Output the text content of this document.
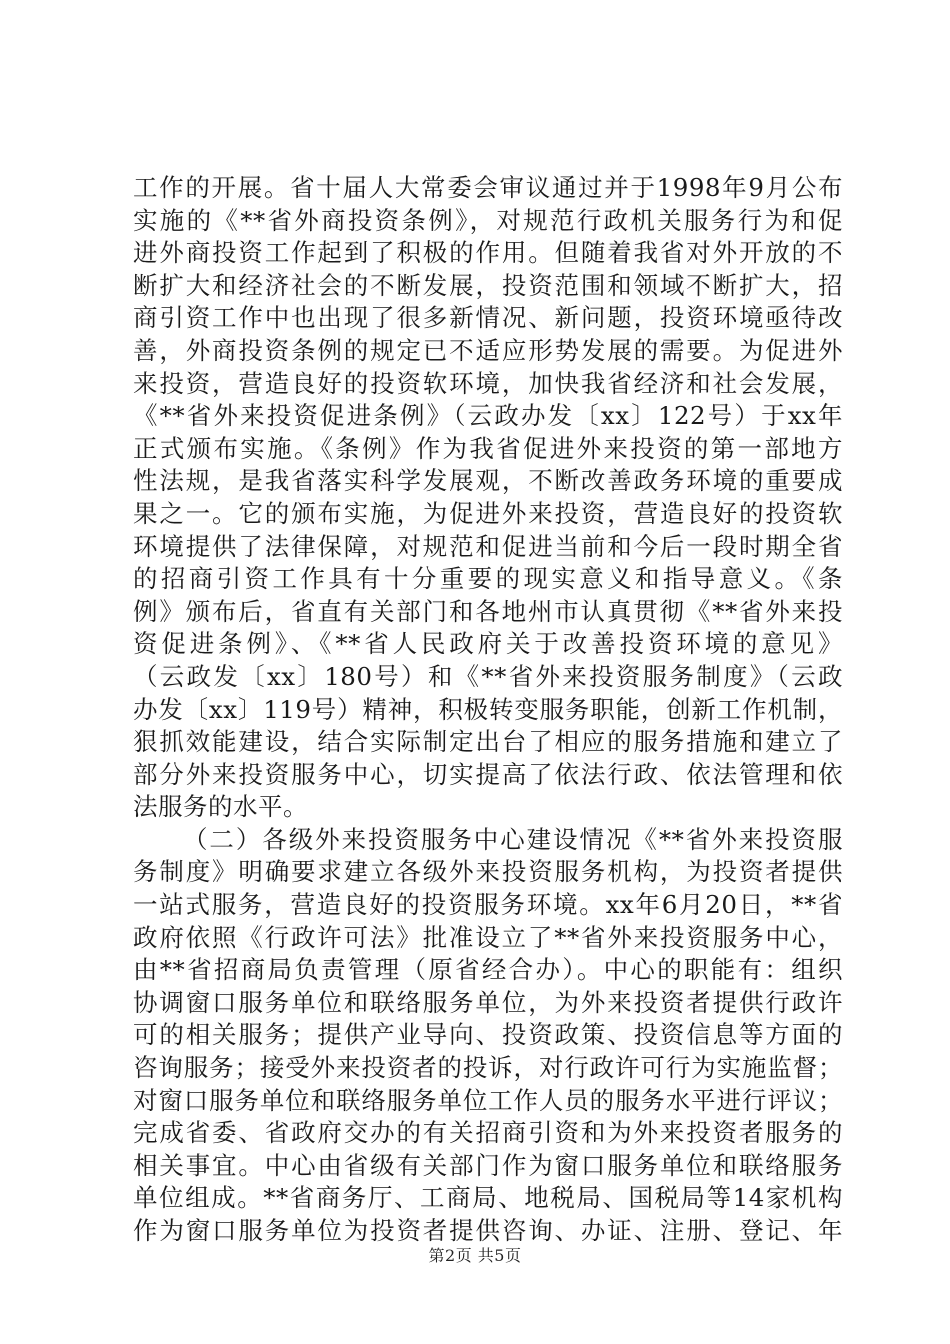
工作的开展。省十届人大常委会审议通过并于1998年9月公布
实施的《**省外商投资条例》，对规范行政机关服务行为和促
进外商投资工作起到了积极的作用。但随着我省对外开放的不
断扩大和经济社会的不断发展，投资范围和领域不断扩大，招
商引资工作中也出现了很多新情况、新问题，投资环境亟待改
善，外商投资条例的规定已不适应形势发展的需要。为促进外
来投资，营造良好的投资软环境，加快我省经济和社会发展，
《**省外来投资促进条例》（云政办发〔xx〕122号）于xx年
正式颁布实施。《条例》作为我省促进外来投资的第一部地方
性法规，是我省落实科学发展观，不断改善政务环境的重要成
果之一。它的颁布实施，为促进外来投资，营造良好的投资软
环境提供了法律保障，对规范和促进当前和今后一段时期全省
的招商引资工作具有十分重要的现实意义和指导意义。《条
例》颁布后，省直有关部门和各地州市认真贯彻《**省外来投
资促进条例》、《**省人民政府关于改善投资环境的意见》
（云政发〔xx〕180号）和《**省外来投资服务制度》（云政
办发〔xx〕119号）精神，积极转变服务职能，创新工作机制，
狠抓效能建设，结合实际制定出台了相应的服务措施和建立了
部分外来投资服务中心，切实提高了依法行政、依法管理和依
法服务的水平。
（二）各级外来投资服务中心建设情况《**省外来投资服
务制度》明确要求建立各级外来投资服务机构，为投资者提供
一站式服务，营造良好的投资服务环境。xx年6月20日，**省
政府依照《行政许可法》批准设立了**省外来投资服务中心，
由**省招商局负责管理（原省经合办）。中心的职能有：组织
协调窗口服务单位和联络服务单位，为外来投资者提供行政许
可的相关服务；提供产业导向、投资政策、投资信息等方面的
咨询服务；接受外来投资者的投诉，对行政许可行为实施监督；
对窗口服务单位和联络服务单位工作人员的服务水平进行评议；
完成省委、省政府交办的有关招商引资和为外来投资者服务的
相关事宜。中心由省级有关部门作为窗口服务单位和联络服务
单位组成。**省商务厅、工商局、地税局、国税局等14家机构
作为窗口服务单位为投资者提供咨询、办证、注册、登记、年
第2页 共5页
